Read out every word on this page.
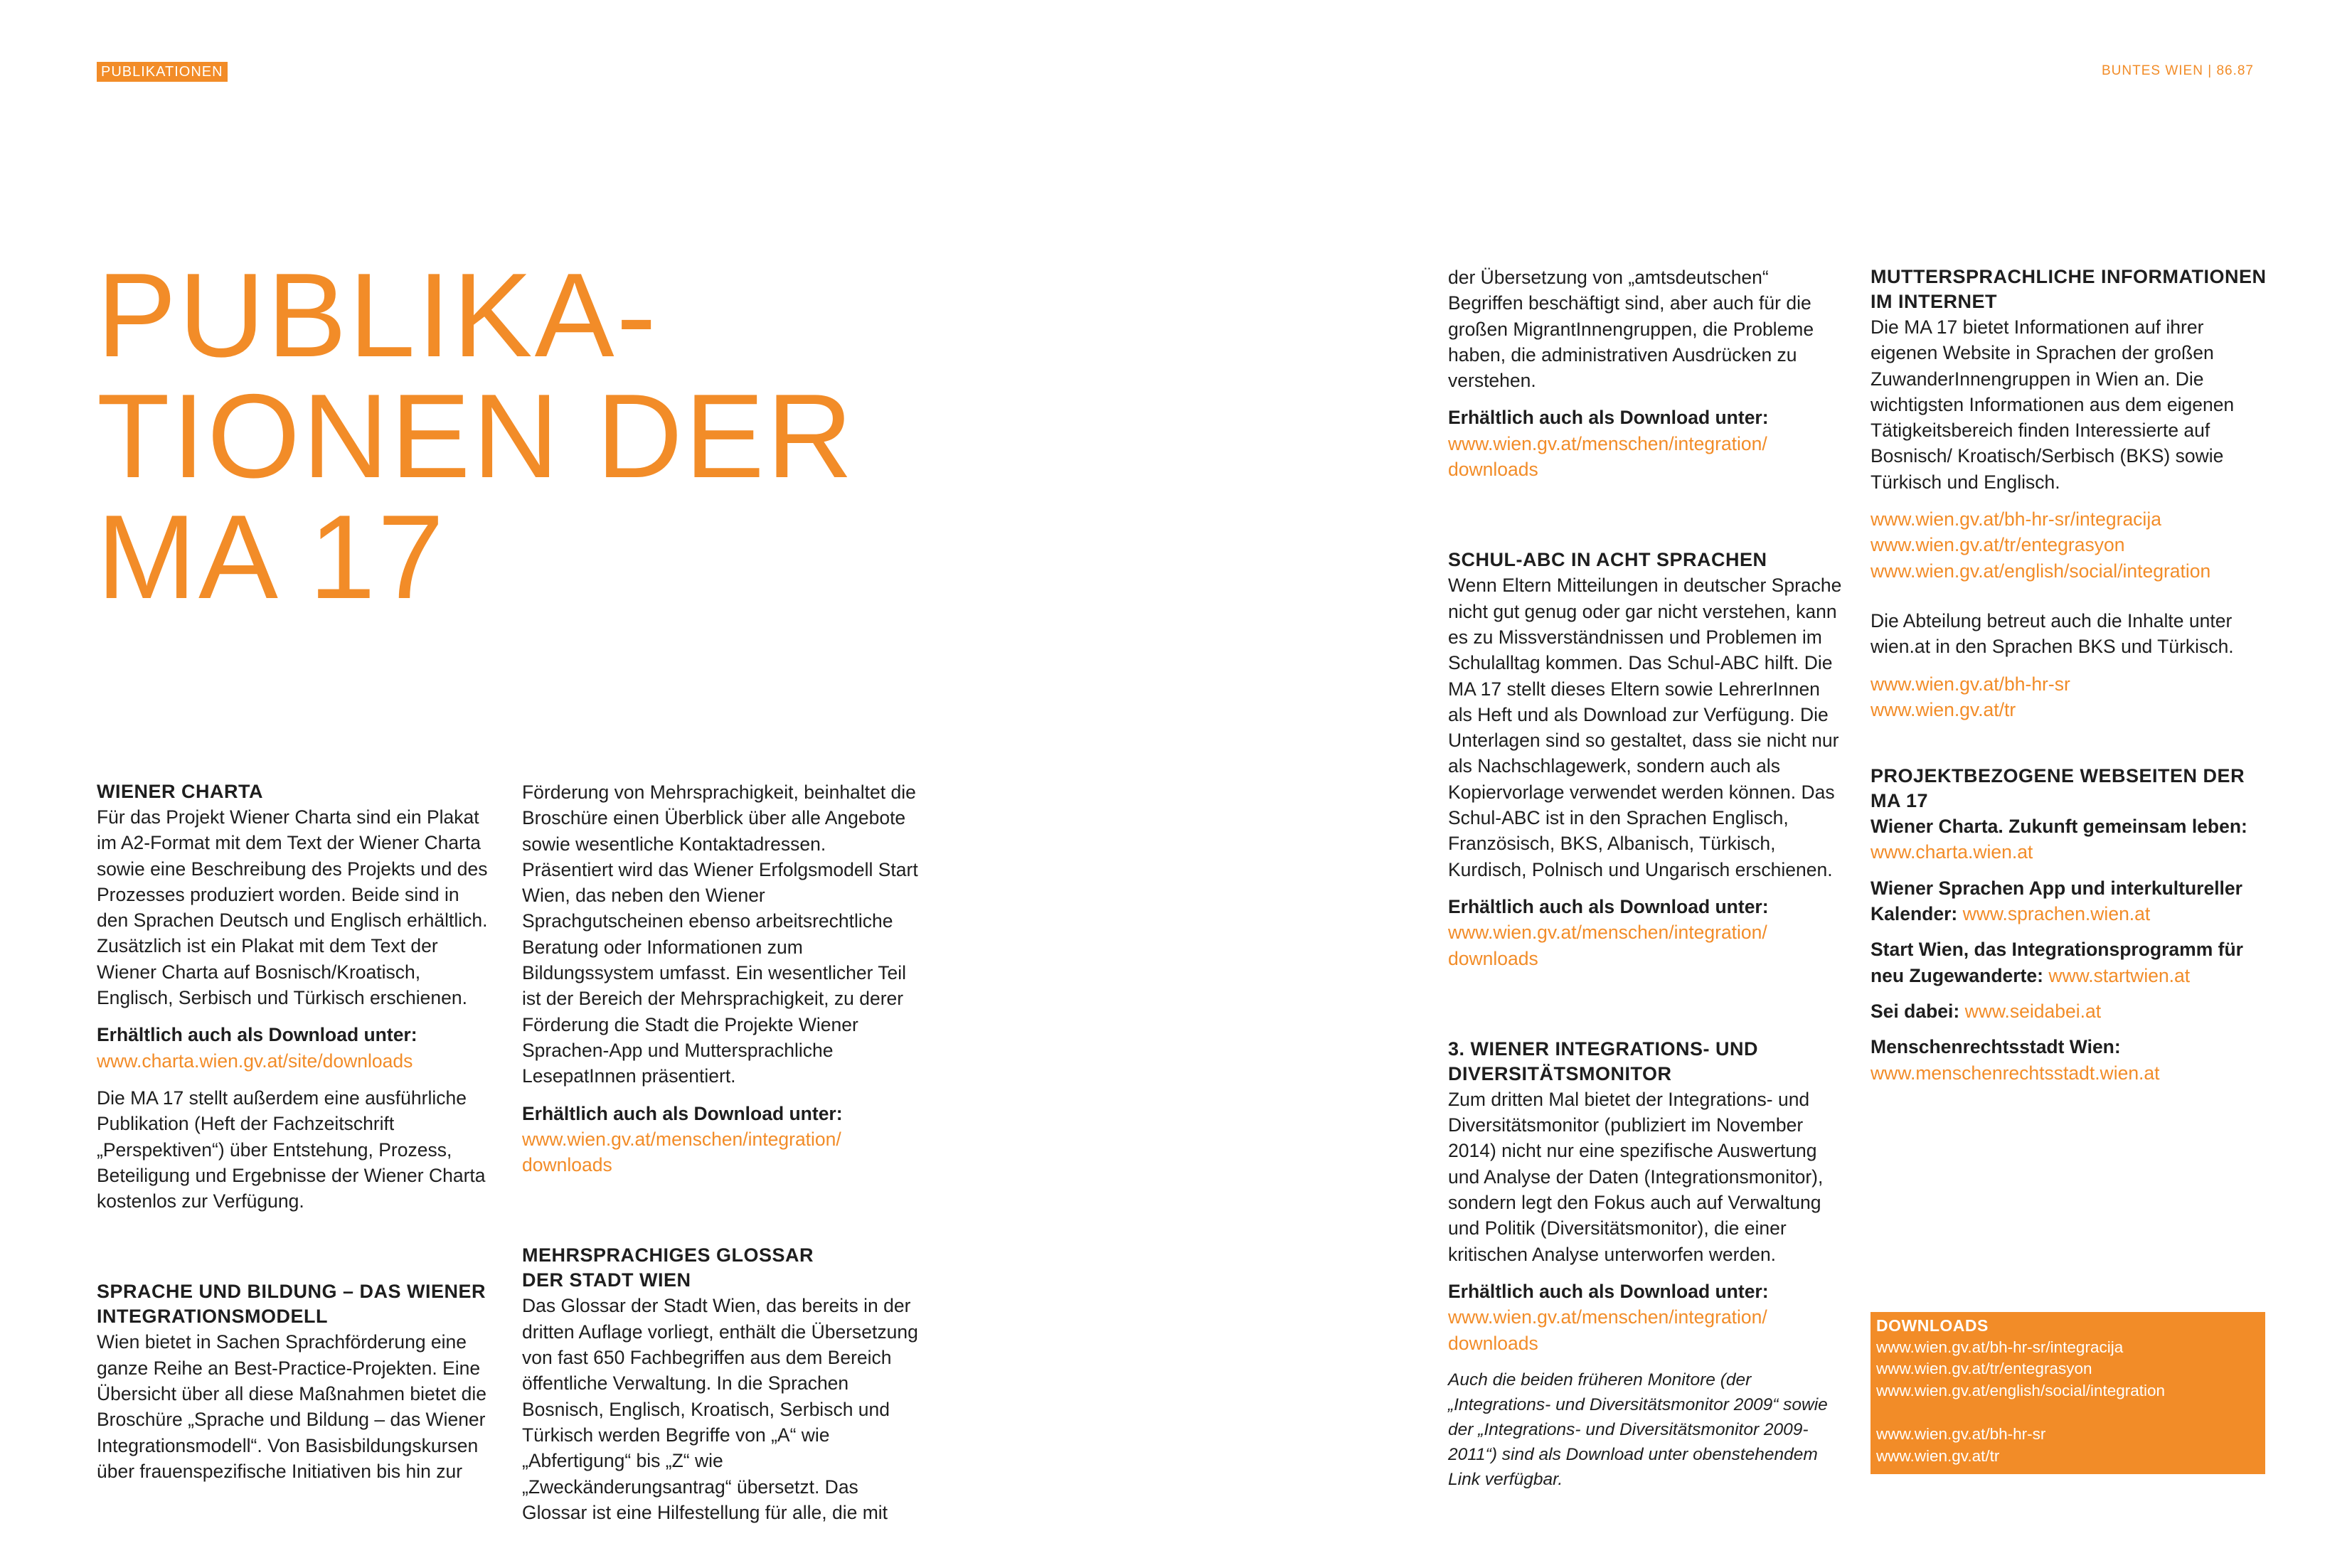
PUBLIKATIONEN
PUBLIKA-
TIONEN DER
MA 17
WIENER CHARTA

Für das Projekt Wiener Charta sind ein Plakat im A2-Format mit dem Text der Wiener Charta sowie eine Beschreibung des Projekts und des Prozesses produziert worden. Beide sind in den Sprachen Deutsch und Englisch erhältlich. Zusätzlich ist ein Plakat mit dem Text der Wiener Charta auf Bosnisch/Kroatisch, Englisch, Serbisch und Türkisch erschienen.

Erhältlich auch als Download unter:

www.charta.wien.gv.at/site/downloads

Die MA 17 stellt außerdem eine ausführliche Publikation (Heft der Fachzeitschrift „Perspektiven“) über Entstehung, Prozess, Beteiligung und Ergebnisse der Wiener Charta kostenlos zur Verfügung.

SPRACHE UND BILDUNG – DAS WIENER INTEGRATIONSMODELL

Wien bietet in Sachen Sprachförderung eine ganze Reihe an Best-Practice-Projekten. Eine Übersicht über all diese Maßnahmen bietet die Broschüre „Sprache und Bildung – das Wiener Integrationsmodell“. Von Basisbildungskursen über frauenspezifische Initiativen bis hin zur

Förderung von Mehrsprachigkeit, beinhaltet die Broschüre einen Überblick über alle Angebote sowie wesentliche Kontaktadressen. Präsentiert wird das Wiener Erfolgsmodell Start Wien, das neben den Wiener Sprachgutscheinen ebenso arbeitsrechtliche Beratung oder Informationen zum Bildungssystem umfasst. Ein wesentlicher Teil ist der Bereich der Mehrsprachigkeit, zu derer Förderung die Stadt die Projekte Wiener Sprachen-App und Muttersprachliche LesepatInnen präsentiert.

Erhältlich auch als Download unter:

www.wien.gv.at/menschen/integration/ downloads

MEHRSPRACHIGES GLOSSAR DER STADT WIEN

Das Glossar der Stadt Wien, das bereits in der dritten Auflage vorliegt, enthält die Übersetzung von fast 650 Fachbegriffen aus dem Bereich öffentliche Verwaltung. In die Sprachen Bosnisch, Englisch, Kroatisch, Serbisch und Türkisch werden Begriffe von „A“ wie „Abfertigung“ bis „Z“ wie „Zweckänderungsantrag“ übersetzt. Das Glossar ist eine Hilfestellung für alle, die mit

BUNTES WIEN | 86.87

der Übersetzung von „amtsdeutschen“ Begriffen beschäftigt sind, aber auch für die großen MigrantInnengruppen, die Probleme haben, die administrativen Ausdrücken zu verstehen.

Erhältlich auch als Download unter:

www.wien.gv.at/menschen/integration/ downloads

SCHUL-ABC IN ACHT SPRACHEN

Wenn Eltern Mitteilungen in deutscher Sprache nicht gut genug oder gar nicht verstehen, kann es zu Missverständnissen und Problemen im Schulalltag kommen. Das Schul-ABC hilft. Die MA 17 stellt dieses Eltern sowie LehrerInnen als Heft und als Download zur Verfügung. Die Unterlagen sind so gestaltet, dass sie nicht nur als Nachschlagewerk, sondern auch als Kopiervorlage verwendet werden können. Das Schul-ABC ist in den Sprachen Englisch, Französisch, BKS, Albanisch, Türkisch, Kurdisch, Polnisch und Ungarisch erschienen.

Erhältlich auch als Download unter:

www.wien.gv.at/menschen/integration/ downloads

3. WIENER INTEGRATIONS- UND DIVERSITÄTSMONITOR

Zum dritten Mal bietet der Integrations- und Diversitätsmonitor (publiziert im November 2014) nicht nur eine spezifische Auswertung und Analyse der Daten (Integrationsmonitor), sondern legt den Fokus auch auf Verwaltung und Politik (Diversitätsmonitor), die einer kritischen Analyse unterworfen werden.

Erhältlich auch als Download unter:

www.wien.gv.at/menschen/integration/ downloads

Auch die beiden früheren Monitore (der „Integrations- und Diversitätsmonitor 2009“ sowie der „Integrations- und Diversitätsmonitor 2009-2011“) sind als Download unter obenstehendem Link verfügbar.

MUTTERSPRACHLICHE INFORMATIONEN IM INTERNET

Die MA 17 bietet Informationen auf ihrer eigenen Website in Sprachen der großen ZuwanderInnengruppen in Wien an. Die wichtigsten Informationen aus dem eigenen Tätigkeitsbereich finden Interessierte auf Bosnisch/ Kroatisch/Serbisch (BKS) sowie Türkisch und Englisch.

www.wien.gv.at/bh-hr-sr/integracija

www.wien.gv.at/tr/entegrasyon

www.wien.gv.at/english/social/integration

Die Abteilung betreut auch die Inhalte unter wien.at in den Sprachen BKS und Türkisch.

www.wien.gv.at/bh-hr-sr

www.wien.gv.at/tr

PROJEKTBEZOGENE WEBSEITEN DER MA 17

Wiener Charta. Zukunft gemeinsam leben: www.charta.wien.at

Wiener Sprachen App und interkultureller Kalender: www.sprachen.wien.at

Start Wien, das Integrationsprogramm für neu Zugewanderte: www.startwien.at

Sei dabei: www.seidabei.at

Menschenrechtsstadt Wien:
www.menschenrechtsstadt.wien.at

DOWNLOADS
www.wien.gv.at/bh-hr-sr/integracija
www.wien.gv.at/tr/entegrasyon
www.wien.gv.at/english/social/integration
www.wien.gv.at/bh-hr-sr
www.wien.gv.at/tr
